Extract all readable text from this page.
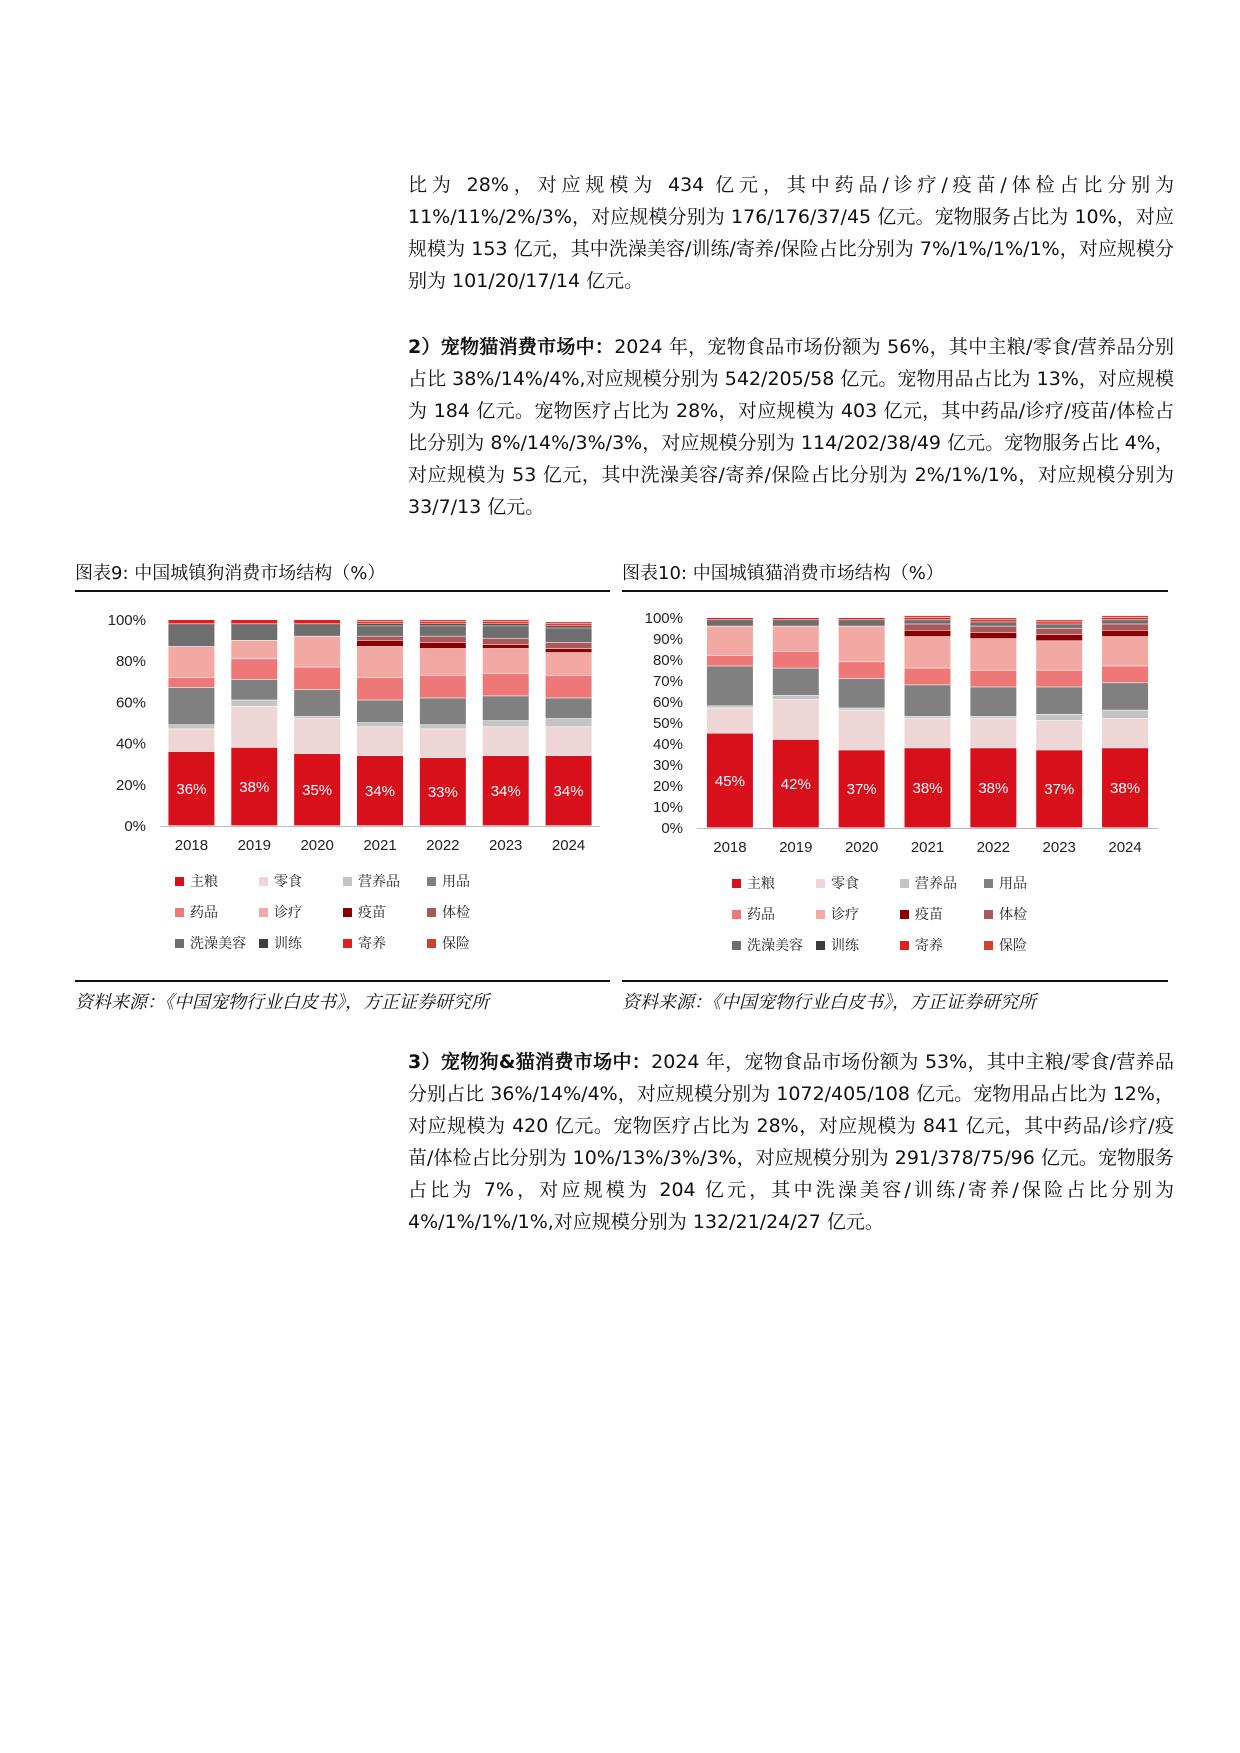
比为 28%，对应规模为 434 亿元，其中药品/诊疗/疫苗/体检占比分别为 11%/11%/2%/3%，对应规模分别为 176/176/37/45 亿元。宠物服务占比为 10%，对应规模为 153 亿元，其中洗澡美容/训练/寄养/保险占比分别为 7%/1%/1%/1%，对应规模分别为 101/20/17/14 亿元。

2）宠物猫消费市场中：2024 年，宠物食品市场份额为 56%，其中主粮/零食/营养品分别占比 38%/14%/4%,对应规模分别为 542/205/58 亿元。宠物用品占比为 13%，对应规模为 184 亿元。宠物医疗占比为 28%，对应规模为 403 亿元，其中药品/诊疗/疫苗/体检占比分别为 8%/14%/3%/3%，对应规模分别为 114/202/38/49 亿元。宠物服务占比 4%，对应规模为 53 亿元，其中洗澡美容/寄养/保险占比分别为 2%/1%/1%，对应规模分别为 33/7/13 亿元。

图表9: 中国城镇狗消费市场结构（%）
0%
20%
40%
60%
80%
100%
36%
2018
38%
2019
35%
2020
34%
2021
33%
2022
34%
2023
34%
2024
主粮	零食	营养品	用品
药品	诊疗	疫苗	体检
洗澡美容 训练	寄养	保险
资料来源：《中国宠物行业白皮书》，方正证券研究所
图表10: 中国城镇猫消费市场结构（%）
0%
10%
20%
30%
40%
50%
60%
70%
80%
90%
100%
45%
2018
42%
2019
37%
2020
38%
2021
38%
2022
37%
2023
38%
2024
主粮	零食	营养品	用品
药品	诊疗	疫苗	体检
洗澡美容 训练	寄养	保险
资料来源：《中国宠物行业白皮书》，方正证券研究所

3）宠物狗&猫消费市场中：2024 年，宠物食品市场份额为 53%，其中主粮/零食/营养品分别占比 36%/14%/4%，对应规模分别为 1072/405/108 亿元。宠物用品占比为 12%，对应规模为 420 亿元。宠物医疗占比为 28%，对应规模为 841 亿元，其中药品/诊疗/疫苗/体检占比分别为 10%/13%/3%/3%，对应规模分别为 291/378/75/96 亿元。宠物服务占比为 7%，对应规模为 204 亿元，其中洗澡美容/训练/寄养/保险占比分别为 4%/1%/1%/1%,对应规模分别为 132/21/24/27 亿元。
